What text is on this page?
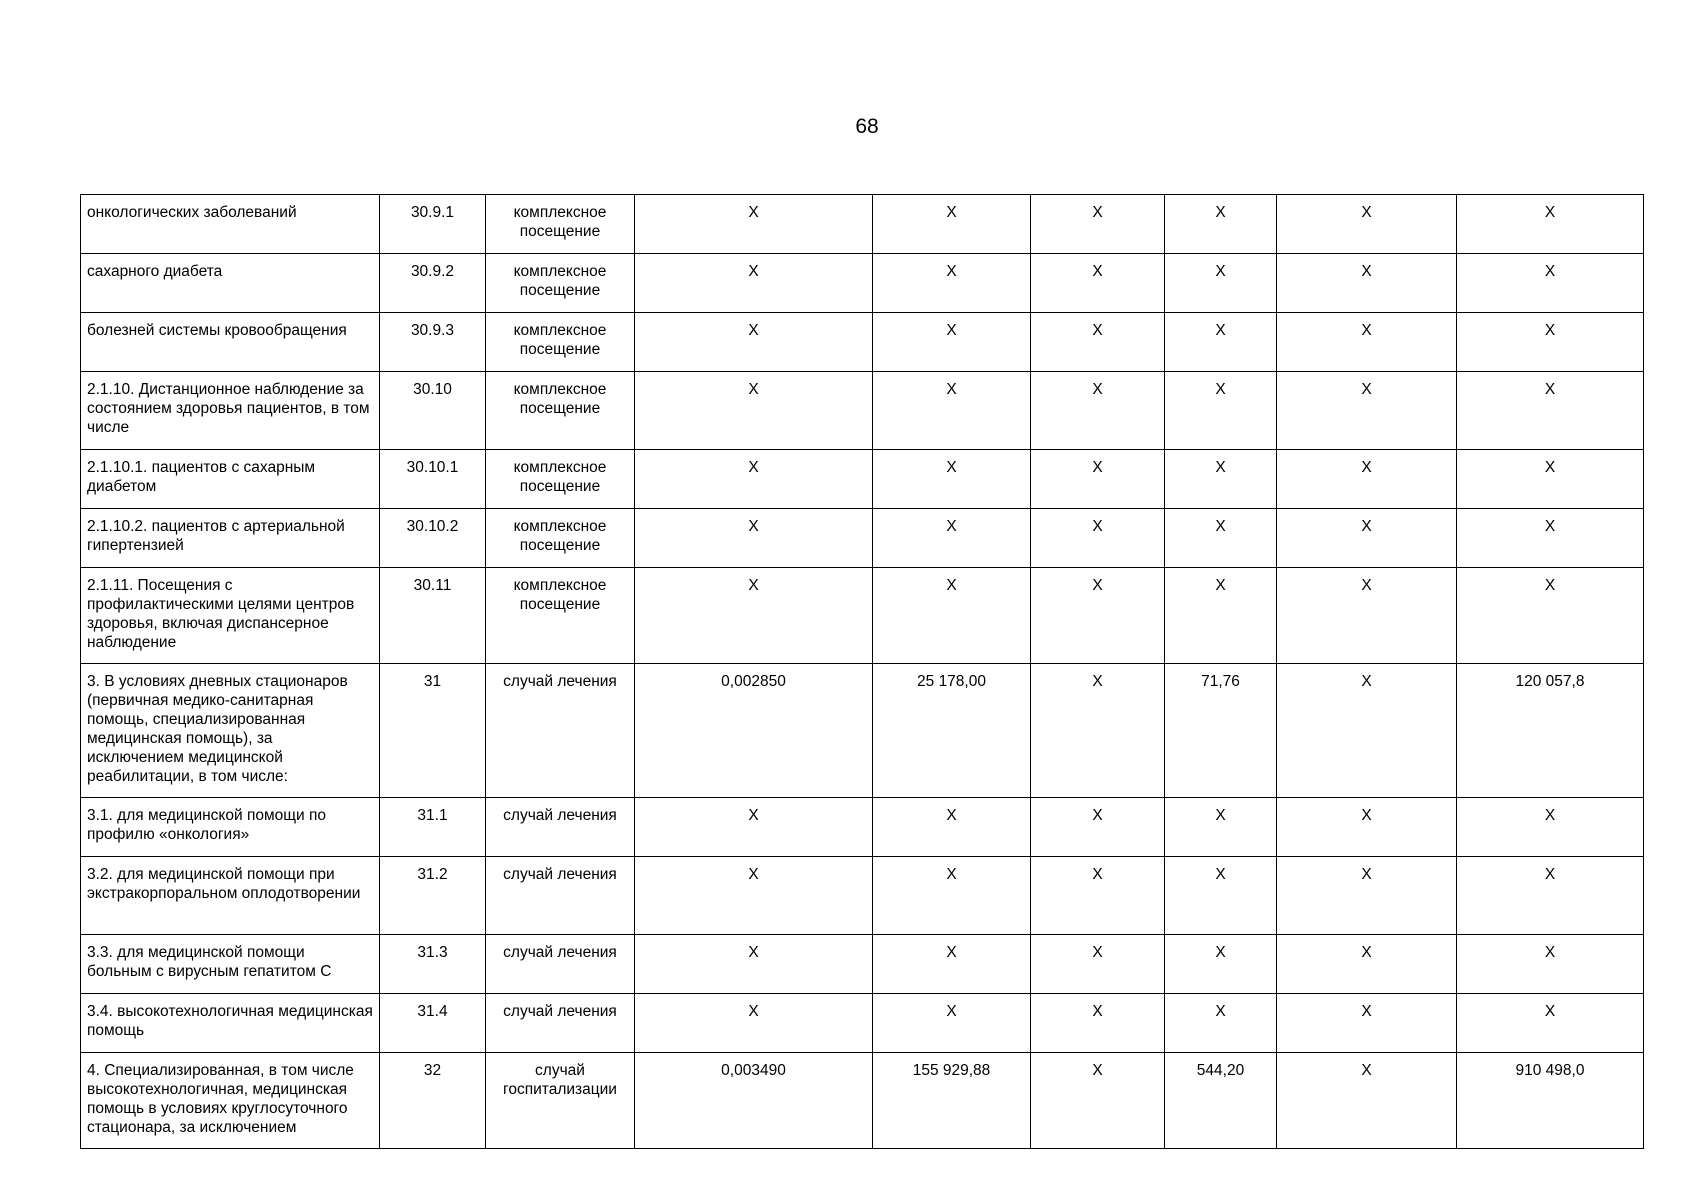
68
онкологических заболеваний	30.9.1	комплексное посещение	X	X	X	X	X	X
сахарного диабета	30.9.2	комплексное посещение	X	X	X	X	X	X
болезней системы кровообращения	30.9.3	комплексное посещение	X	X	X	X	X	X
2.1.10. Дистанционное наблюдение за состоянием здоровья пациентов, в том числе	30.10	комплексное посещение	X	X	X	X	X	X
2.1.10.1. пациентов с сахарным диабетом	30.10.1	комплексное посещение	X	X	X	X	X	X
2.1.10.2. пациентов с артериальной гипертензией	30.10.2	комплексное посещение	X	X	X	X	X	X
2.1.11. Посещения с профилактическими целями центров здоровья, включая диспансерное наблюдение	30.11	комплексное посещение	X	X	X	X	X	X
3. В условиях дневных стационаров (первичная медико-санитарная помощь, специализированная медицинская помощь), за исключением медицинской реабилитации, в том числе:	31	случай лечения	0,002850	25 178,00	X	71,76	X	120 057,8
3.1. для медицинской помощи по профилю «онкология»	31.1	случай лечения	X	X	X	X	X	X
3.2. для медицинской помощи при экстракорпоральном оплодотворении	31.2	случай лечения	X	X	X	X	X	X
3.3. для медицинской помощи больным с вирусным гепатитом С	31.3	случай лечения	X	X	X	X	X	X
3.4. высокотехнологичная медицинская помощь	31.4	случай лечения	X	X	X	X	X	X
4. Специализированная, в том числе высокотехнологичная, медицинская помощь в условиях круглосуточного стационара, за исключением	32	случай госпитализации	0,003490	155 929,88	X	544,20	X	910 498,0
